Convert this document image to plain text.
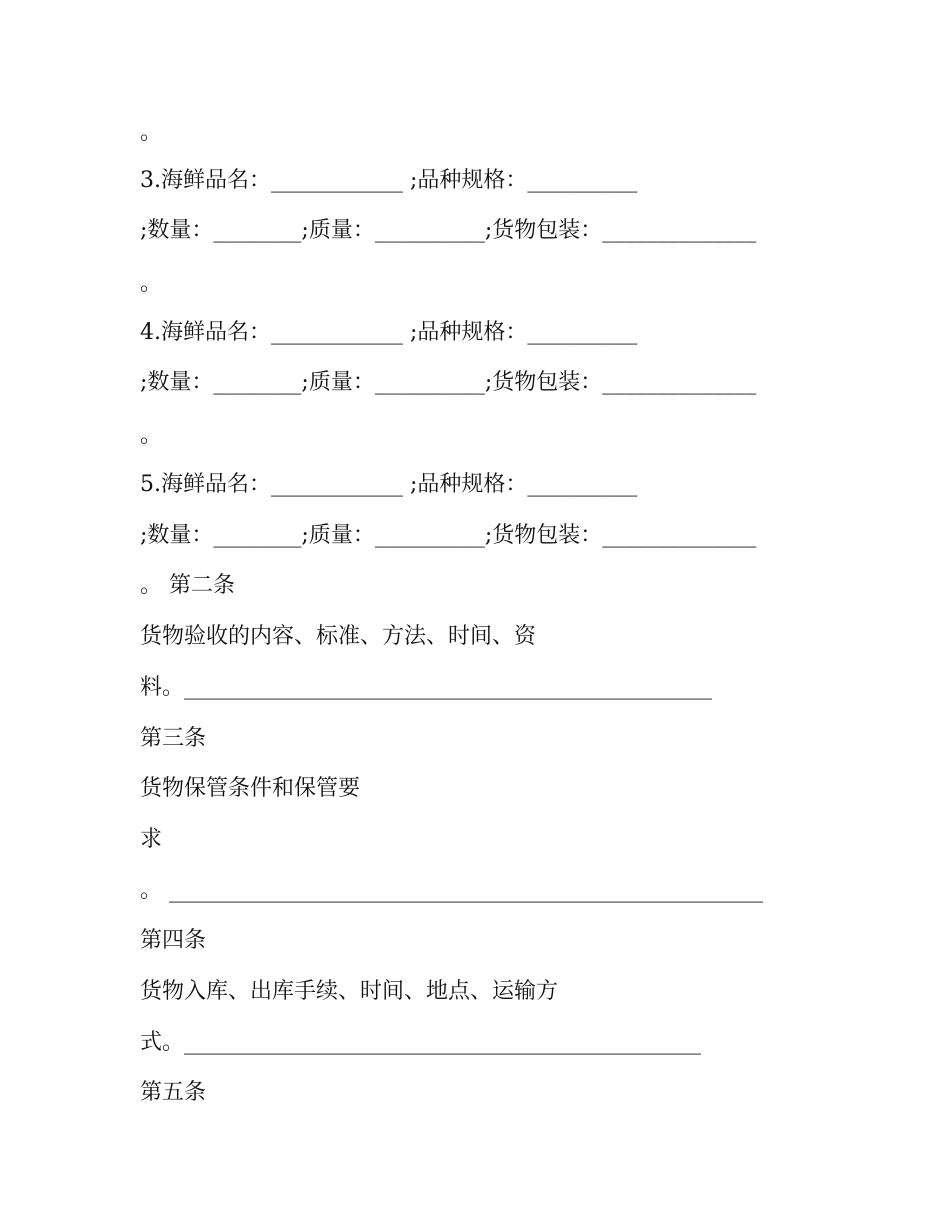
。
3.海鲜品名：____________ ;品种规格：__________
;数量：________;质量：__________;货物包装：______________
。
4.海鲜品名：____________ ;品种规格：__________
;数量：________;质量：__________;货物包装：______________
。
5.海鲜品名：____________ ;品种规格：__________
;数量：________;质量：__________;货物包装：______________
。 第二条
货物验收的内容、标准、方法、时间、资
料。________________________________________________
第三条
货物保管条件和保管要
求
。 ______________________________________________________
第四条
货物入库、出库手续、时间、地点、运输方
式。_______________________________________________
第五条
